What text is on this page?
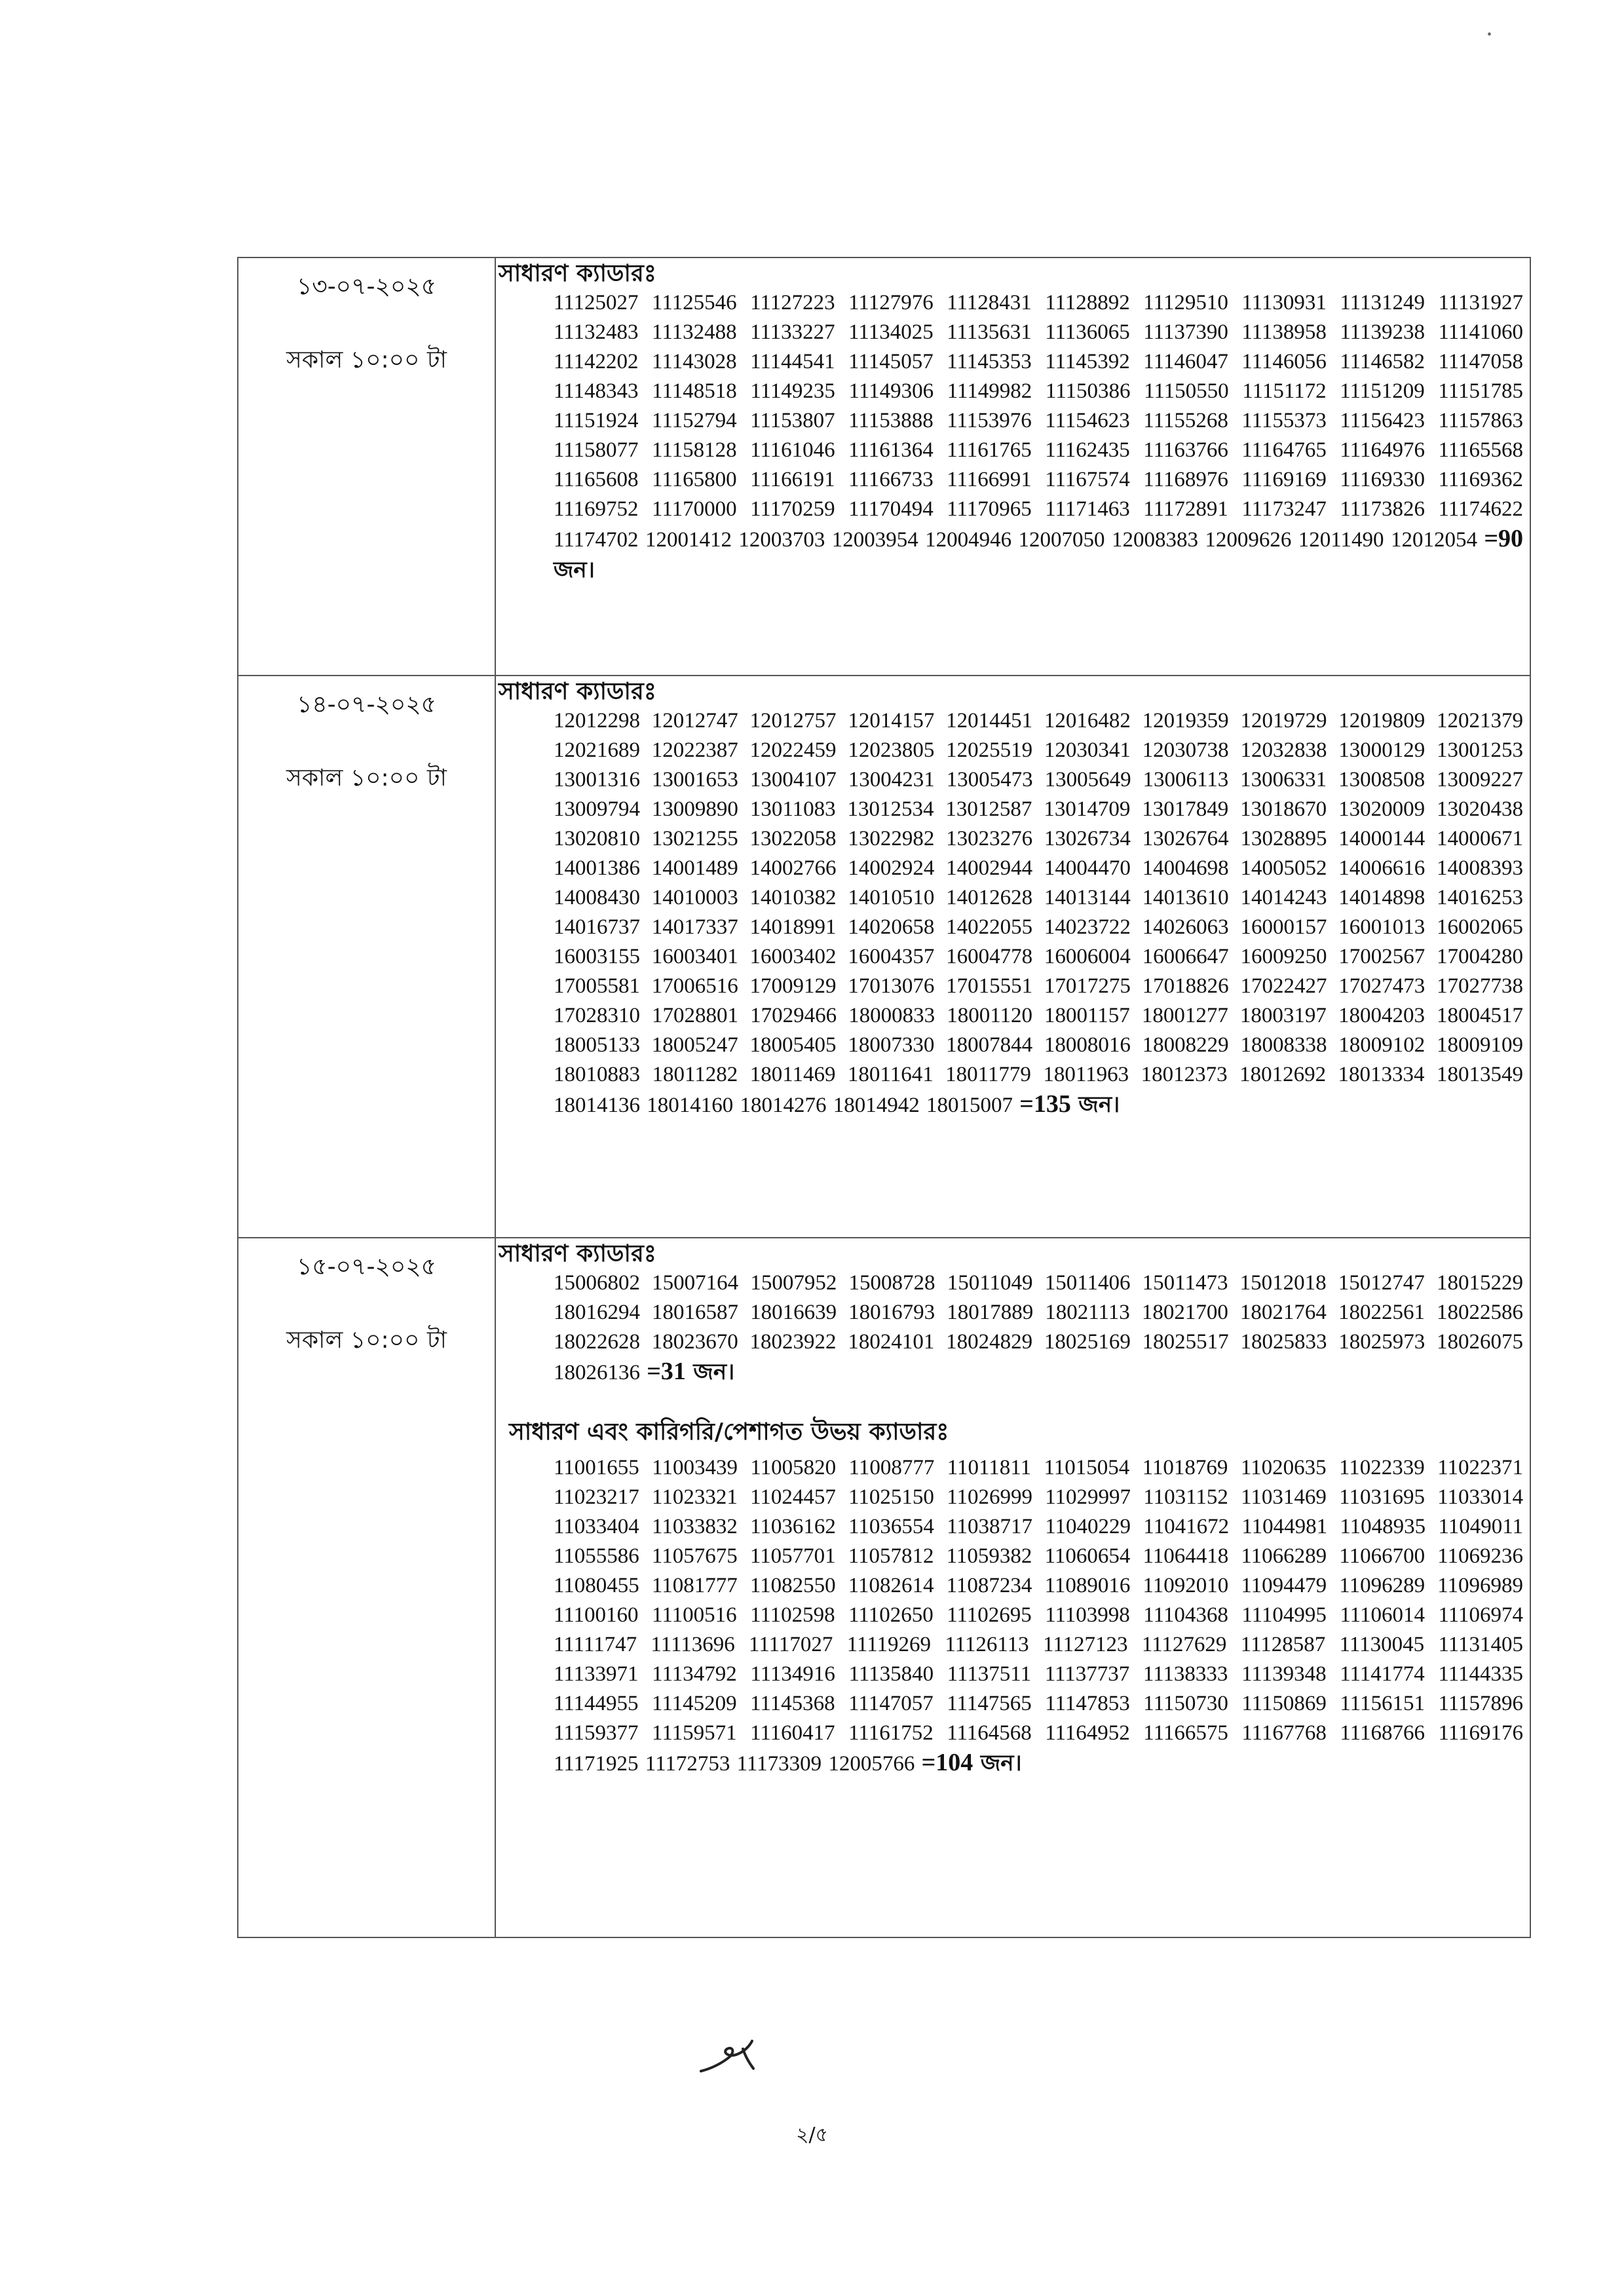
১৩-০৭-২০২৫
সকাল ১০:০০ টা
সাধারণ ক্যাডারঃ
11125027 11125546 11127223 11127976 11128431 11128892 11129510 11130931 11131249 11131927 11132483 11132488 11133227 11134025 11135631 11136065 11137390 11138958 11139238 11141060 11142202 11143028 11144541 11145057 11145353 11145392 11146047 11146056 11146582 11147058 11148343 11148518 11149235 11149306 11149982 11150386 11150550 11151172 11151209 11151785 11151924 11152794 11153807 11153888 11153976 11154623 11155268 11155373 11156423 11157863 11158077 11158128 11161046 11161364 11161765 11162435 11163766 11164765 11164976 11165568 11165608 11165800 11166191 11166733 11166991 11167574 11168976 11169169 11169330 11169362 11169752 11170000 11170259 11170494 11170965 11171463 11172891 11173247 11173826 11174622 11174702 12001412 12003703 12003954 12004946 12007050 12008383 12009626 12011490 12012054 =90 জন।
১৪-০৭-২০২৫
সকাল ১০:০০ টা
সাধারণ ক্যাডারঃ
12012298 12012747 12012757 12014157 12014451 12016482 12019359 12019729 12019809 12021379 12021689 12022387 12022459 12023805 12025519 12030341 12030738 12032838 13000129 13001253 13001316 13001653 13004107 13004231 13005473 13005649 13006113 13006331 13008508 13009227 13009794 13009890 13011083 13012534 13012587 13014709 13017849 13018670 13020009 13020438 13020810 13021255 13022058 13022982 13023276 13026734 13026764 13028895 14000144 14000671 14001386 14001489 14002766 14002924 14002944 14004470 14004698 14005052 14006616 14008393 14008430 14010003 14010382 14010510 14012628 14013144 14013610 14014243 14014898 14016253 14016737 14017337 14018991 14020658 14022055 14023722 14026063 16000157 16001013 16002065 16003155 16003401 16003402 16004357 16004778 16006004 16006647 16009250 17002567 17004280 17005581 17006516 17009129 17013076 17015551 17017275 17018826 17022427 17027473 17027738 17028310 17028801 17029466 18000833 18001120 18001157 18001277 18003197 18004203 18004517 18005133 18005247 18005405 18007330 18007844 18008016 18008229 18008338 18009102 18009109 18010883 18011282 18011469 18011641 18011779 18011963 18012373 18012692 18013334 18013549 18014136 18014160 18014276 18014942 18015007 =135 জন।
১৫-০৭-২০২৫
সকাল ১০:০০ টা
সাধারণ ক্যাডারঃ
15006802 15007164 15007952 15008728 15011049 15011406 15011473 15012018 15012747 18015229 18016294 18016587 18016639 18016793 18017889 18021113 18021700 18021764 18022561 18022586 18022628 18023670 18023922 18024101 18024829 18025169 18025517 18025833 18025973 18026075 18026136 =31 জন।
সাধারণ এবং কারিগরি/পেশাগত উভয় ক্যাডারঃ
11001655 11003439 11005820 11008777 11011811 11015054 11018769 11020635 11022339 11022371 11023217 11023321 11024457 11025150 11026999 11029997 11031152 11031469 11031695 11033014 11033404 11033832 11036162 11036554 11038717 11040229 11041672 11044981 11048935 11049011 11055586 11057675 11057701 11057812 11059382 11060654 11064418 11066289 11066700 11069236 11080455 11081777 11082550 11082614 11087234 11089016 11092010 11094479 11096289 11096989 11100160 11100516 11102598 11102650 11102695 11103998 11104368 11104995 11106014 11106974 11111747 11113696 11117027 11119269 11126113 11127123 11127629 11128587 11130045 11131405 11133971 11134792 11134916 11135840 11137511 11137737 11138333 11139348 11141774 11144335 11144955 11145209 11145368 11147057 11147565 11147853 11150730 11150869 11156151 11157896 11159377 11159571 11160417 11161752 11164568 11164952 11166575 11167768 11168766 11169176 11171925 11172753 11173309 12005766 =104 জন।
২/৫
•
